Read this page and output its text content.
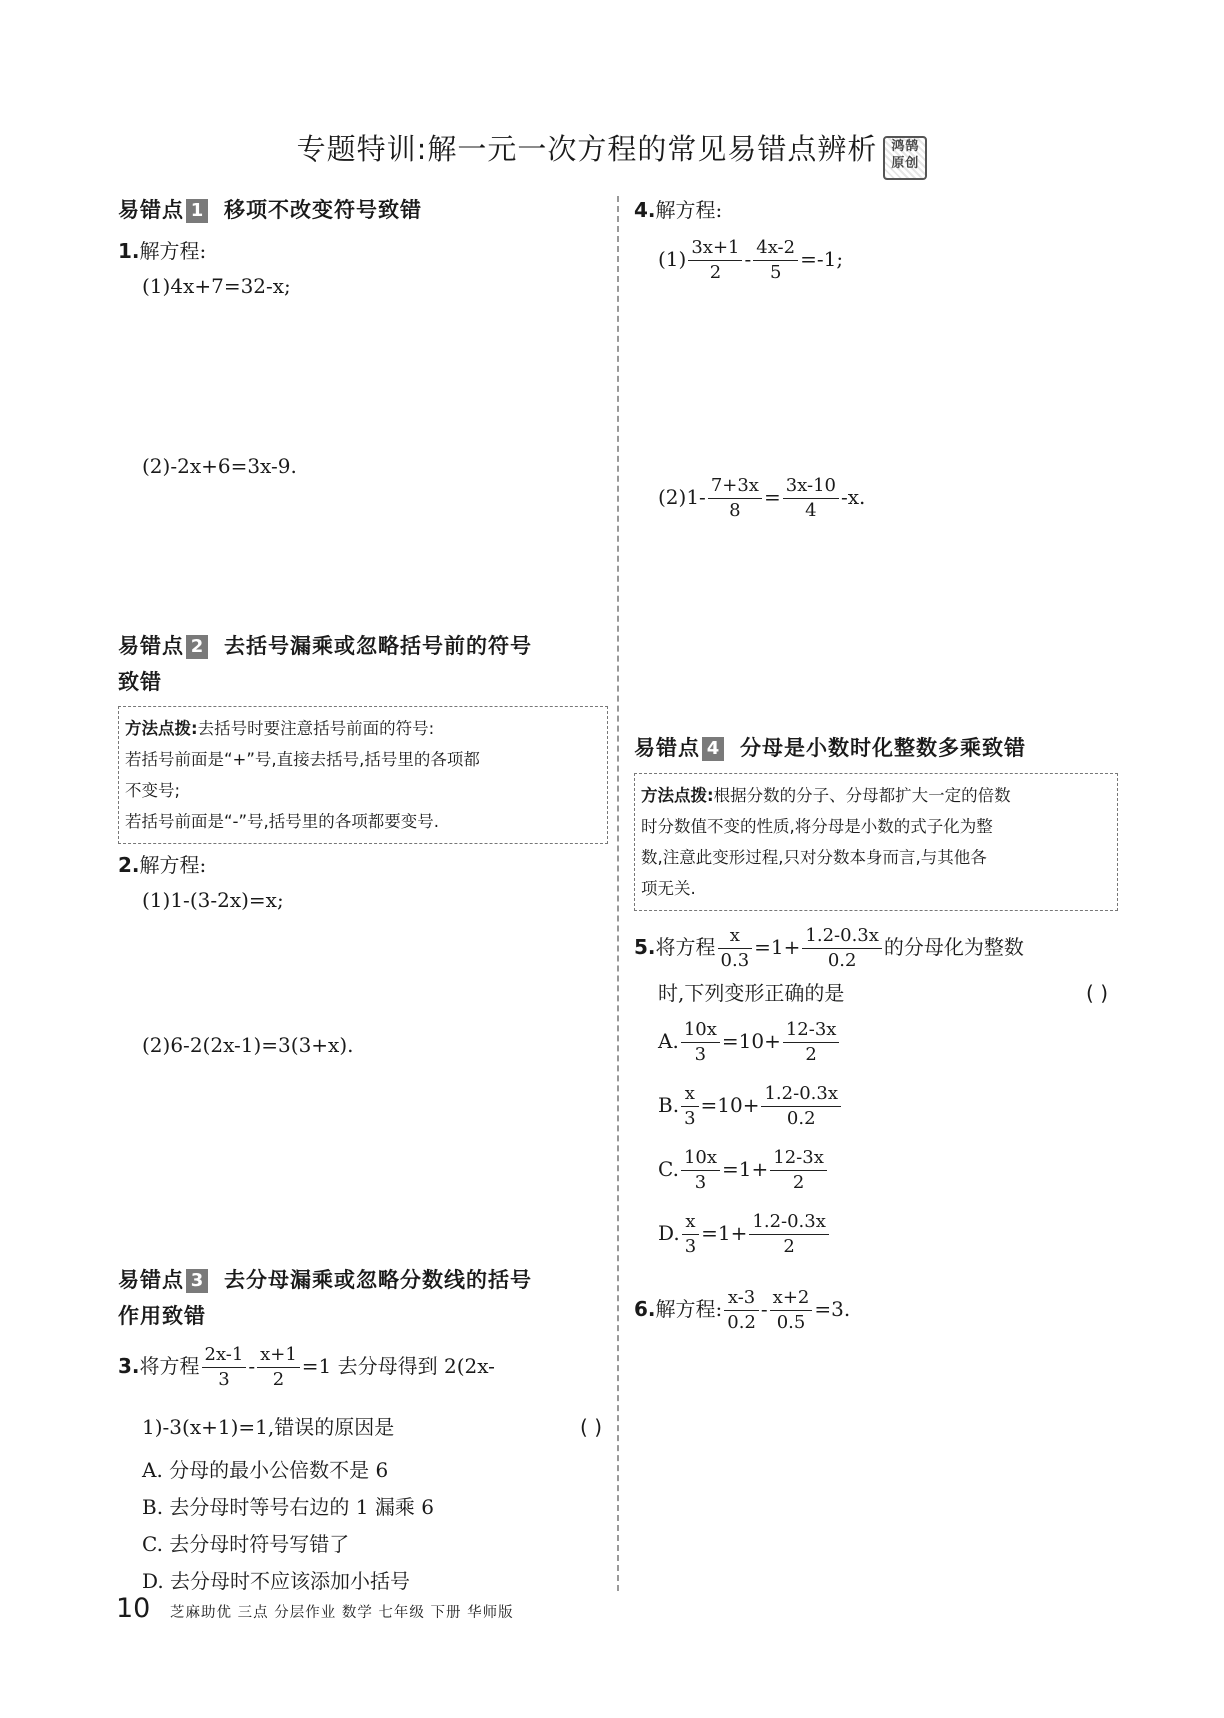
专题特训:解一元一次方程的常见易错点辨析	鸿鹄
原创
易错点 1 移项不改变符号致错
1.解方程:
(1)4x+7=32-x;
(2)-2x+6=3x-9.
易错点 2 去括号漏乘或忽略括号前的符号
致错
方法点拨:去括号时要注意括号前面的符号:
若括号前面是“+”号,直接去括号,括号里的各项都
不变号;
若括号前面是“-”号,括号里的各项都要变号.
2.解方程:
(1)1-(3-2x)=x;
(2)6-2(2x-1)=3(3+x).
易错点 3 去分母漏乘或忽略分数线的括号
作用致错
3.将方程 $\frac{2x-1}{3} - \frac{x+1}{2} =1$ 去分母得到 2(2x-
1)-3(x+1)=1,错误的原因是	( )
A. 分母的最小公倍数不是 6
B. 去分母时等号右边的 1 漏乘 6
C. 去分母时符号写错了
D. 去分母时不应该添加小括号
4.解方程:
$(1) \frac{3x+1}{2} - \frac{4x-2}{5} =-1$;
$(2)1- \frac{7+3x}{8} = \frac{3x-10}{4} -x$.
易错点 4 分母是小数时化整数多乘致错
方法点拨:根据分数的分子、分母都扩大一定的倍数
时分数值不变的性质,将分母是小数的式子化为整
数,注意此变形过程,只对分数本身而言,与其他各
项无关.
5.将方程 $\frac{x}{0.3} =1+ \frac{1.2-0.3x}{0.2}$ 的分母化为整数
时,下列变形正确的是	( )
A. $\frac{10x}{3} =10+ \frac{12-3x}{2}$
B. $\frac{x}{3} =10+ \frac{1.2-0.3x}{0.2}$
C. $\frac{10x}{3} =1+ \frac{12-3x}{2}$
D. $\frac{x}{3} =1+ \frac{1.2-0.3x}{2}$
6.解方程: $\frac{x-3}{0.2} - \frac{x+2}{0.5} =3$.
10 芝麻助优 三点 分层作业 数学 七年级 下册 华师版
